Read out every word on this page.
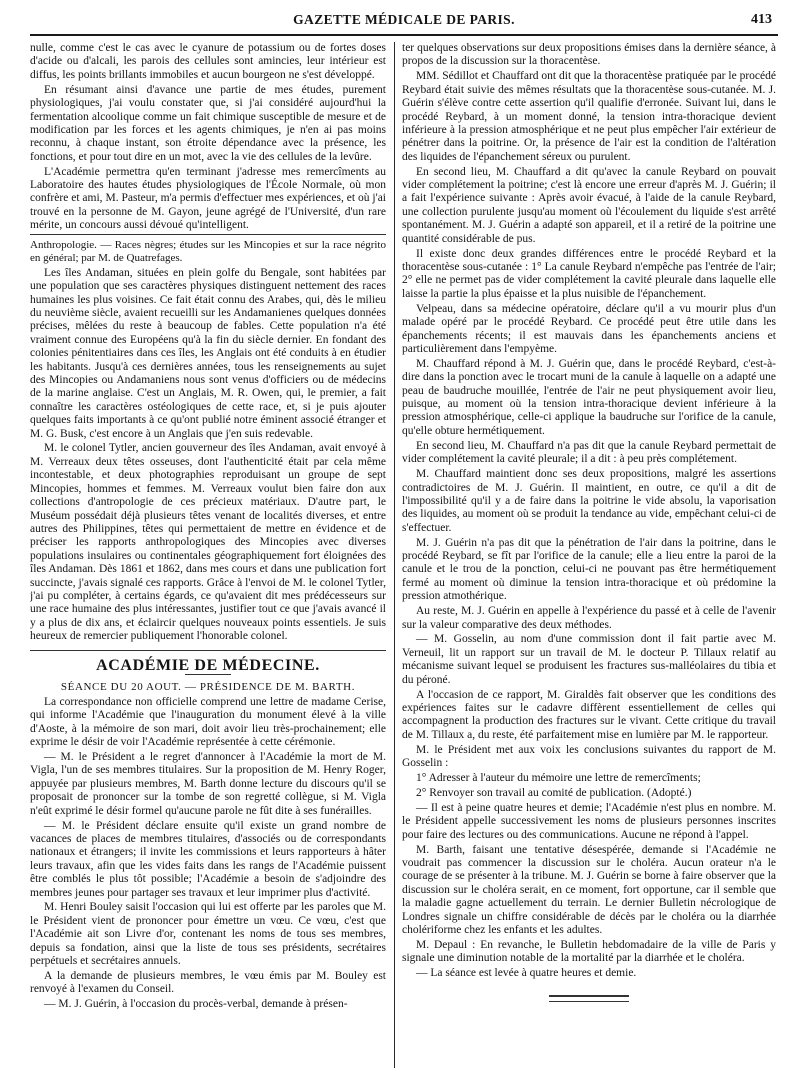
GAZETTE MÉDICALE DE PARIS.	413

nulle, comme c'est le cas avec le cyanure de potassium ou de fortes doses d'acide ou d'alcali, les parois des cellules sont amincies, leur intérieur est diffus, les points brillants immobiles et aucun bourgeon ne s'est développé.

En résumant ainsi d'avance une partie de mes études, purement physiologiques, j'ai voulu constater que, si j'ai considéré aujourd'hui la fermentation alcoolique comme un fait chimique susceptible de mesure et de modification par les forces et les agents chimiques, je n'en ai pas moins reconnu, à chaque instant, son étroite dépendance avec la présence, les fonctions, et pour tout dire en un mot, avec la vie des cellules de la levûre.

L'Académie permettra qu'en terminant j'adresse mes remercîments au Laboratoire des hautes études physiologiques de l'École Normale, où mon confrère et ami, M. Pasteur, m'a permis d'effectuer mes expériences, et où j'ai trouvé en la personne de M. Gayon, jeune agrégé de l'Université, d'un rare mérite, un concours aussi dévoué qu'intelligent.

Anthropologie. — Races nègres; études sur les Mincopies et sur la race négrito en général; par M. de Quatrefages.

Les îles Andaman, situées en plein golfe du Bengale, sont habitées par une population que ses caractères physiques distinguent nettement des races humaines les plus voisines. Ce fait était connu des Arabes, qui, dès le milieu du neuvième siècle, avaient recueilli sur les Andamanienes quelques données précises, mêlées du reste à beaucoup de fables. Cette population n'a été vraiment connue des Européens qu'à la fin du siècle dernier. En fondant des colonies pénitentiaires dans ces îles, les Anglais ont été conduits à en étudier les habitants. Jusqu'à ces dernières années, tous les renseignements au sujet des Mincopies ou Andamaniens nous sont venus d'officiers ou de médecins de la marine anglaise. C'est un Anglais, M. R. Owen, qui, le premier, a fait connaître les caractères ostéologiques de cette race, et, si je puis ajouter quelques faits importants à ce qu'ont publié notre éminent associé étranger et M. G. Busk, c'est encore à un Anglais que j'en suis redevable.

M. le colonel Tytler, ancien gouverneur des îles Andaman, avait envoyé à M. Verreaux deux têtes osseuses, dont l'authenticité était par cela même incontestable, et deux photographies reproduisant un groupe de sept Mincopies, hommes et femmes. M. Verreaux voulut bien faire don aux collections d'antropologie de ces précieux matériaux. D'autre part, le Muséum possédait déjà plusieurs têtes venant de localités diverses, et entre autres des Philippines, têtes qui permettaient de mettre en évidence et de préciser les rapports anthropologiques des Mincopies avec diverses populations insulaires ou continentales géographiquement fort éloignées des îles Andaman. Dès 1861 et 1862, dans mes cours et dans une publication fort succincte, j'avais signalé ces rapports. Grâce à l'envoi de M. le colonel Tytler, j'ai pu compléter, à certains égards, ce qu'avaient dit mes prédécesseurs sur une race humaine des plus intéressantes, justifier tout ce que j'avais avancé il y a plus de dix ans, et éclaircir quelques nouveaux points essentiels. Je suis heureux de remercier publiquement l'honorable colonel.

ACADÉMIE DE MÉDECINE.

SÉANCE DU 20 AOUT. — PRÉSIDENCE DE M. BARTH.

La correspondance non officielle comprend une lettre de madame Cerise, qui informe l'Académie que l'inauguration du monument élevé à la ville d'Aoste, à la mémoire de son mari, doit avoir lieu très-prochainement; elle exprime le désir de voir l'Académie représentée à cette cérémonie.

— M. le Président a le regret d'annoncer à l'Académie la mort de M. Vigla, l'un de ses membres titulaires. Sur la proposition de M. Henry Roger, appuyée par plusieurs membres, M. Barth donne lecture du discours qu'il se proposait de prononcer sur la tombe de son regretté collègue, si M. Vigla n'eût exprimé le désir formel qu'aucune parole ne fût dite à ses funérailles.

— M. le Président déclare ensuite qu'il existe un grand nombre de vacances de places de membres titulaires, d'associés ou de correspondants nationaux et étrangers; il invite les commissions et leurs rapporteurs à hâter leurs travaux, afin que les vides faits dans les rangs de l'Académie puissent être comblés le plus tôt possible; l'Académie a besoin de s'adjoindre des membres jeunes pour partager ses travaux et leur imprimer plus d'activité.

M. Henri Bouley saisit l'occasion qui lui est offerte par les paroles que M. le Président vient de prononcer pour émettre un vœu. Ce vœu, c'est que l'Académie ait son Livre d'or, contenant les noms de tous ses membres, depuis sa fondation, ainsi que la liste de tous ses présidents, secrétaires perpétuels et secrétaires annuels.

A la demande de plusieurs membres, le vœu émis par M. Bouley est renvoyé à l'examen du Conseil.

— M. J. Guérin, à l'occasion du procès-verbal, demande à présen-

ter quelques observations sur deux propositions émises dans la dernière séance, à propos de la discussion sur la thoracentèse.

MM. Sédillot et Chauffard ont dit que la thoracentèse pratiquée par le procédé Reybard était suivie des mêmes résultats que la thoracentèse sous-cutanée. M. J. Guérin s'élève contre cette assertion qu'il qualifie d'erronée. Suivant lui, dans le procédé Reybard, à un moment donné, la tension intra-thoracique devient inférieure à la pression atmosphérique et ne peut plus empêcher l'air extérieur de pénétrer dans la poitrine. Or, la présence de l'air est la condition de l'altération des liquides de l'épanchement séreux ou purulent.

En second lieu, M. Chauffard a dit qu'avec la canule Reybard on pouvait vider complétement la poitrine; c'est là encore une erreur d'après M. J. Guérin; il a fait l'expérience suivante : Après avoir évacué, à l'aide de la canule Reybard, une collection purulente jusqu'au moment où l'écoulement du liquide s'est arrêté spontanément. M. J. Guérin a adapté son appareil, et il a retiré de la poitrine une quantité considérable de pus.

Il existe donc deux grandes différences entre le procédé Reybard et la thoracentèse sous-cutanée : 1° La canule Reybard n'empêche pas l'entrée de l'air; 2° elle ne permet pas de vider complétement la cavité pleurale dans laquelle elle laisse la partie la plus épaisse et la plus nuisible de l'épanchement.

Velpeau, dans sa médecine opératoire, déclare qu'il a vu mourir plus d'un malade opéré par le procédé Reybard. Ce procédé peut être utile dans les épanchements récents; il est mauvais dans les épanchements anciens et particulièrement dans l'empyème.

M. Chauffard répond à M. J. Guérin que, dans le procédé Reybard, c'est-à-dire dans la ponction avec le trocart muni de la canule à laquelle on a adapté une peau de baudruche mouillée, l'entrée de l'air ne peut physiquement avoir lieu, puisque, au moment où la tension intra-thoracique devient inférieure à la pression atmosphérique, celle-ci applique la baudruche sur l'orifice de la canule, qu'elle obture hermétiquement.

En second lieu, M. Chauffard n'a pas dit que la canule Reybard permettait de vider complétement la cavité pleurale; il a dit : à peu près complétement.

M. Chauffard maintient donc ses deux propositions, malgré les assertions contradictoires de M. J. Guérin. Il maintient, en outre, ce qu'il a dit de l'impossibilité qu'il y a de faire dans la poitrine le vide absolu, la vaporisation des liquides, au moment où se produit la tendance au vide, empêchant celui-ci de s'effectuer.

M. J. Guérin n'a pas dit que la pénétration de l'air dans la poitrine, dans le procédé Reybard, se fît par l'orifice de la canule; elle a lieu entre la paroi de la canule et le trou de la ponction, celui-ci ne pouvant pas être hermétiquement fermé au moment où diminue la tension intra-thoracique et où prédomine la pression atmothérique.

Au reste, M. J. Guérin en appelle à l'expérience du passé et à celle de l'avenir sur la valeur comparative des deux méthodes.

— M. Gosselin, au nom d'une commission dont il fait partie avec M. Verneuil, lit un rapport sur un travail de M. le docteur P. Tillaux relatif au mécanisme suivant lequel se produisent les fractures sus-malléolaires du tibia et du péroné.

A l'occasion de ce rapport, M. Giraldès fait observer que les conditions des expériences faites sur le cadavre diffèrent essentiellement de celles qui accompagnent la production des fractures sur le vivant. Cette critique du travail de M. Tillaux a, du reste, été parfaitement mise en lumière par M. le rapporteur.

M. le Président met aux voix les conclusions suivantes du rapport de M. Gosselin :

1° Adresser à l'auteur du mémoire une lettre de remercîments;

2° Renvoyer son travail au comité de publication. (Adopté.)

— Il est à peine quatre heures et demie; l'Académie n'est plus en nombre. M. le Président appelle successivement les noms de plusieurs personnes inscrites pour faire des lectures ou des communications. Aucune ne répond à l'appel.

M. Barth, faisant une tentative désespérée, demande si l'Académie ne voudrait pas commencer la discussion sur le choléra. Aucun orateur n'a le courage de se présenter à la tribune. M. J. Guérin se borne à faire observer que la discussion sur le choléra serait, en ce moment, fort opportune, car il semble que la maladie gagne actuellement du terrain. Le dernier Bulletin nécrologique de Londres signale un chiffre considérable de décès par le choléra ou la diarrhée cholériforme chez les enfants et les adultes.

M. Depaul : En revanche, le Bulletin hebdomadaire de la ville de Paris y signale une diminution notable de la mortalité par la diarrhée et le choléra.

— La séance est levée à quatre heures et demie.
